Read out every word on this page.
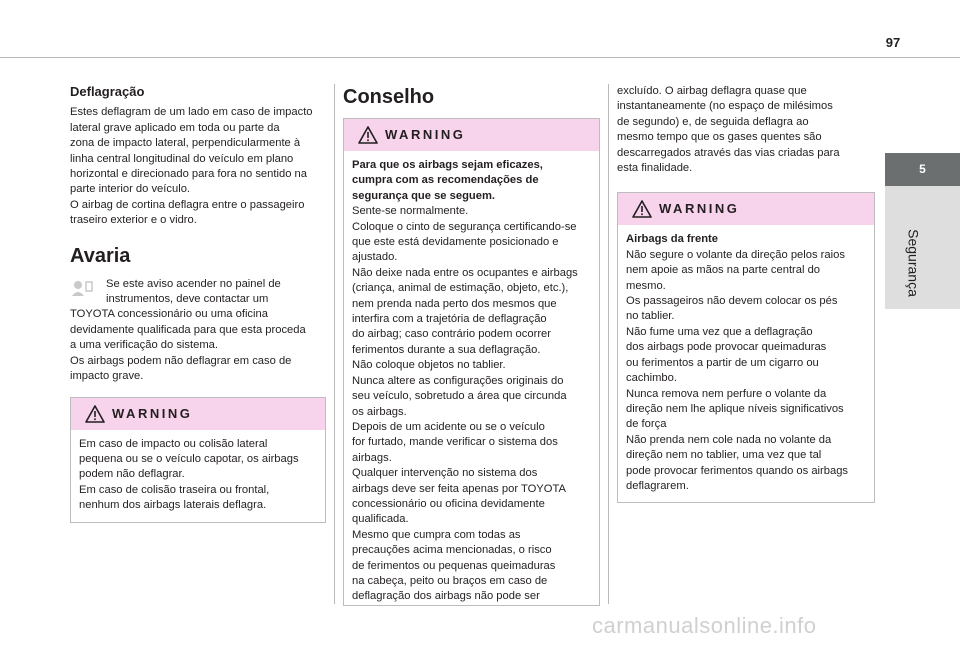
97
5
Segurança
Deflagração

Estes deflagram de um lado em caso de impacto
lateral grave aplicado em toda ou parte da
zona de impacto lateral, perpendicularmente à
linha central longitudinal do veículo em plano
horizontal e direcionado para fora no sentido na
parte interior do veículo.
O airbag de cortina deflagra entre o passageiro
traseiro exterior e o vidro.

Avaria

Se este aviso acender no painel de
instrumentos, deve contactar um

TOYOTA concessionário ou uma oficina
devidamente qualificada para que esta proceda
a uma verificação do sistema.
Os airbags podem não deflagrar em caso de
impacto grave.

WARNING

Em caso de impacto ou colisão lateral
pequena ou se o veículo capotar, os airbags
podem não deflagrar.
Em caso de colisão traseira ou frontal,
nenhum dos airbags laterais deflagra.

Conselho
WARNING

Para que os airbags sejam eficazes,
cumpra com as recomendações de
segurança que se seguem.

Sente-se normalmente.
Coloque o cinto de segurança certificando-se
que este está devidamente posicionado e
ajustado.
Não deixe nada entre os ocupantes e airbags
(criança, animal de estimação, objeto, etc.),
nem prenda nada perto dos mesmos que
interfira com a trajetória de deflagração
do airbag; caso contrário podem ocorrer
ferimentos durante a sua deflagração.
Não coloque objetos no tablier.
Nunca altere as configurações originais do
seu veículo, sobretudo a área que circunda
os airbags.
Depois de um acidente ou se o veículo
for furtado, mande verificar o sistema dos
airbags.
Qualquer intervenção no sistema dos
airbags deve ser feita apenas por TOYOTA
concessionário ou oficina devidamente
qualificada.
Mesmo que cumpra com todas as
precauções acima mencionadas, o risco
de ferimentos ou pequenas queimaduras
na cabeça, peito ou braços em caso de
deflagração dos airbags não pode ser

excluído. O airbag deflagra quase que
instantaneamente (no espaço de milésimos
de segundo) e, de seguida deflagra ao
mesmo tempo que os gases quentes são
descarregados através das vias criadas para
esta finalidade.

WARNING

Airbags da frente

Não segure o volante da direção pelos raios
nem apoie as mãos na parte central do
mesmo.
Os passageiros não devem colocar os pés
no tablier.
Não fume uma vez que a deflagração
dos airbags pode provocar queimaduras
ou ferimentos a partir de um cigarro ou
cachimbo.
Nunca remova nem perfure o volante da
direção nem lhe aplique níveis significativos
de força
Não prenda nem cole nada no volante da
direção nem no tablier, uma vez que tal
pode provocar ferimentos quando os airbags
deflagrarem.

carmanualsonline.info
